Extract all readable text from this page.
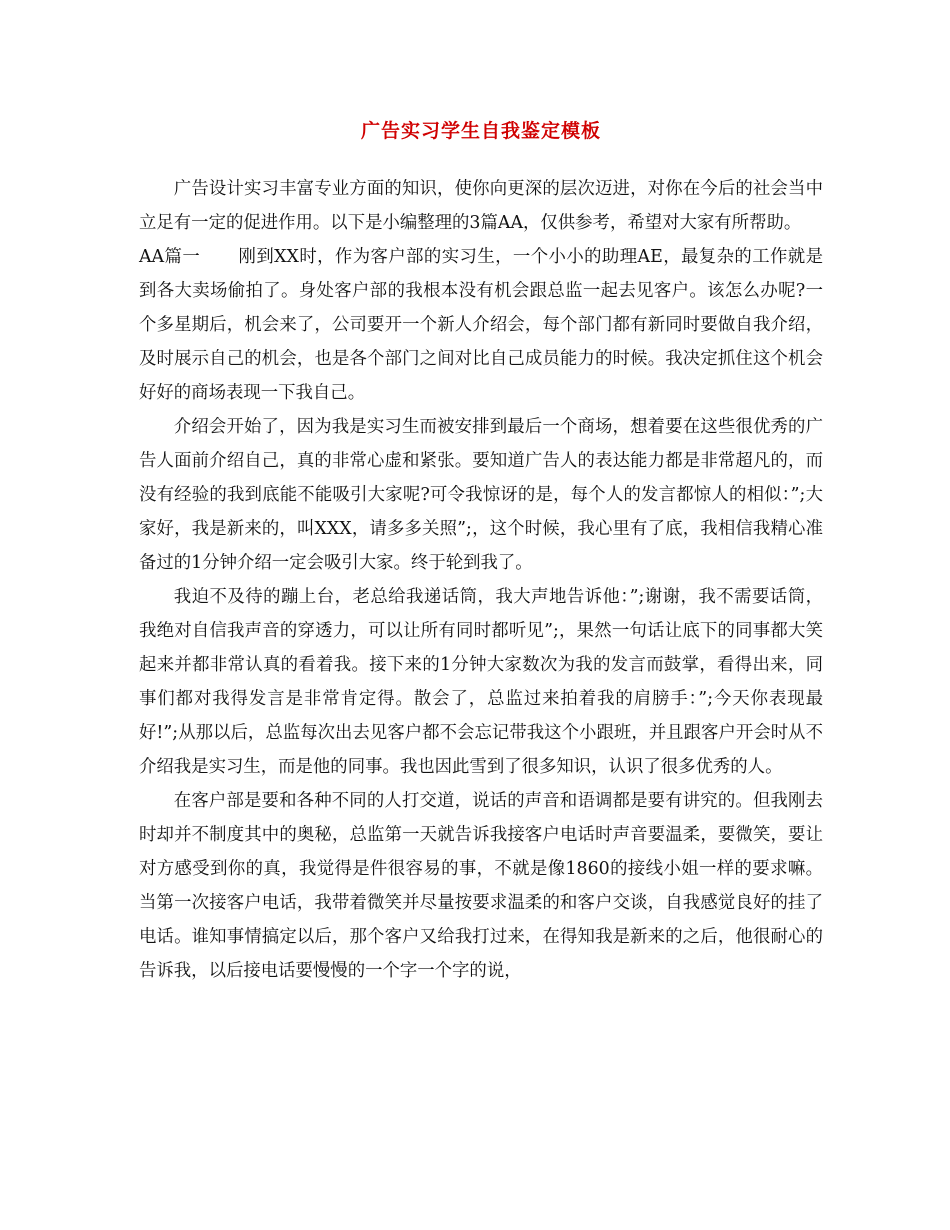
广告实习学生自我鉴定模板

广告设计实习丰富专业方面的知识，使你向更深的层次迈进，对你在今后的社会当中立足有一定的促进作用。以下是小编整理的3篇AA，仅供参考，希望对大家有所帮助。

AA篇一 刚到XX时，作为客户部的实习生，一个小小的助理AE，最复杂的工作就是到各大卖场偷拍了。身处客户部的我根本没有机会跟总监一起去见客户。该怎么办呢?一个多星期后，机会来了，公司要开一个新人介绍会，每个部门都有新同时要做自我介绍，及时展示自己的机会，也是各个部门之间对比自己成员能力的时候。我决定抓住这个机会好好的商场表现一下我自己。

介绍会开始了，因为我是实习生而被安排到最后一个商场，想着要在这些很优秀的广告人面前介绍自己，真的非常心虚和紧张。要知道广告人的表达能力都是非常超凡的，而没有经验的我到底能不能吸引大家呢?可令我惊讶的是，每个人的发言都惊人的相似：”;大家好，我是新来的，叫XXX，请多多关照”;，这个时候，我心里有了底，我相信我精心准备过的1分钟介绍一定会吸引大家。终于轮到我了。

我迫不及待的蹦上台，老总给我递话筒，我大声地告诉他：”;谢谢，我不需要话筒，我绝对自信我声音的穿透力，可以让所有同时都听见”;，果然一句话让底下的同事都大笑起来并都非常认真的看着我。接下来的1分钟大家数次为我的发言而鼓掌，看得出来，同事们都对我得发言是非常肯定得。散会了，总监过来拍着我的肩膀手：”;今天你表现最好!”;从那以后，总监每次出去见客户都不会忘记带我这个小跟班，并且跟客户开会时从不介绍我是实习生，而是他的同事。我也因此雪到了很多知识，认识了很多优秀的人。

在客户部是要和各种不同的人打交道，说话的声音和语调都是要有讲究的。但我刚去时却并不制度其中的奥秘，总监第一天就告诉我接客户电话时声音要温柔，要微笑，要让对方感受到你的真，我觉得是件很容易的事，不就是像1860的接线小姐一样的要求嘛。当第一次接客户电话，我带着微笑并尽量按要求温柔的和客户交谈，自我感觉良好的挂了电话。谁知事情搞定以后，那个客户又给我打过来，在得知我是新来的之后，他很耐心的告诉我，以后接电话要慢慢的一个字一个字的说，
